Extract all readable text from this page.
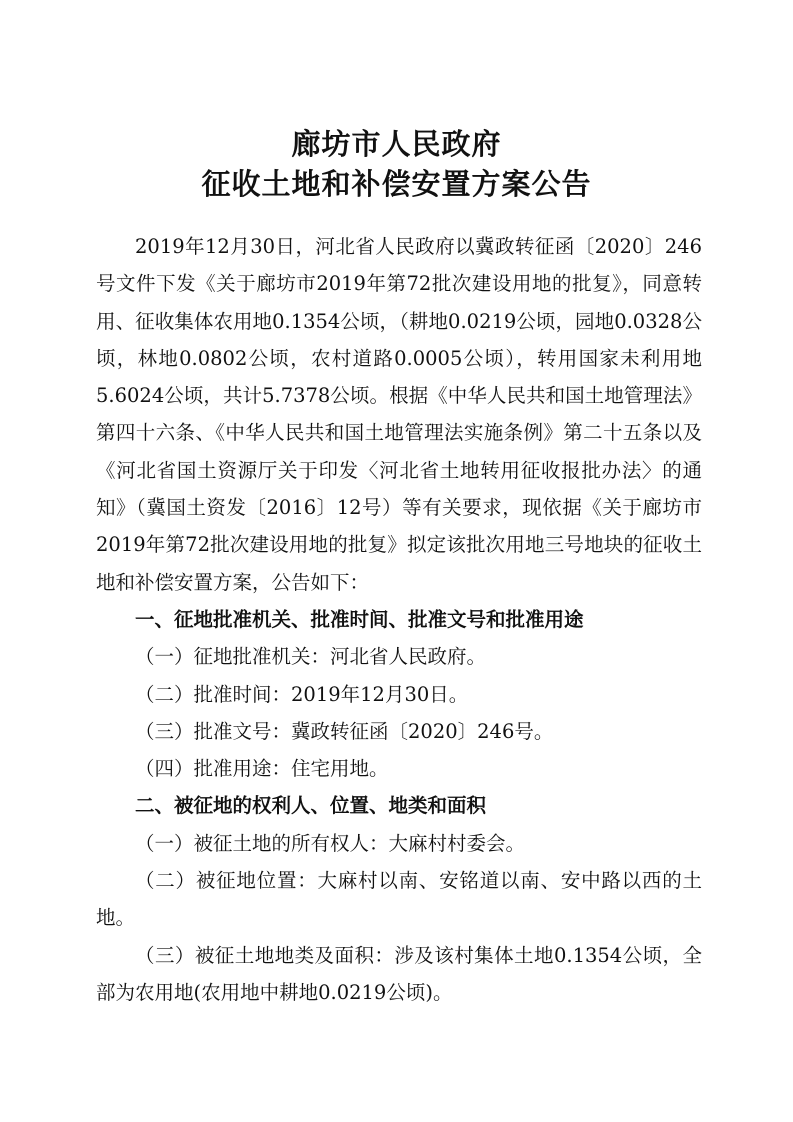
廊坊市人民政府
征收土地和补偿安置方案公告

2019年12月30日，河北省人民政府以冀政转征函〔2020〕246号文件下发《关于廊坊市2019年第72批次建设用地的批复》，同意转用、征收集体农用地0.1354公顷，（耕地0.0219公顷，园地0.0328公顷，林地0.0802公顷，农村道路0.0005公顷），转用国家未利用地5.6024公顷，共计5.7378公顷。根据《中华人民共和国土地管理法》第四十六条、《中华人民共和国土地管理法实施条例》第二十五条以及《河北省国土资源厅关于印发〈河北省土地转用征收报批办法〉的通知》（冀国土资发〔2016〕12号）等有关要求，现依据《关于廊坊市2019年第72批次建设用地的批复》拟定该批次用地三号地块的征收土地和补偿安置方案，公告如下：

一、征地批准机关、批准时间、批准文号和批准用途

（一）征地批准机关：河北省人民政府。

（二）批准时间：2019年12月30日。

（三）批准文号：冀政转征函〔2020〕246号。

（四）批准用途：住宅用地。

二、被征地的权利人、位置、地类和面积

（一）被征土地的所有权人：大麻村村委会。

（二）被征地位置：大麻村以南、安铭道以南、安中路以西的土地。

（三）被征土地地类及面积：涉及该村集体土地0.1354公顷，全部为农用地(农用地中耕地0.0219公顷)。
